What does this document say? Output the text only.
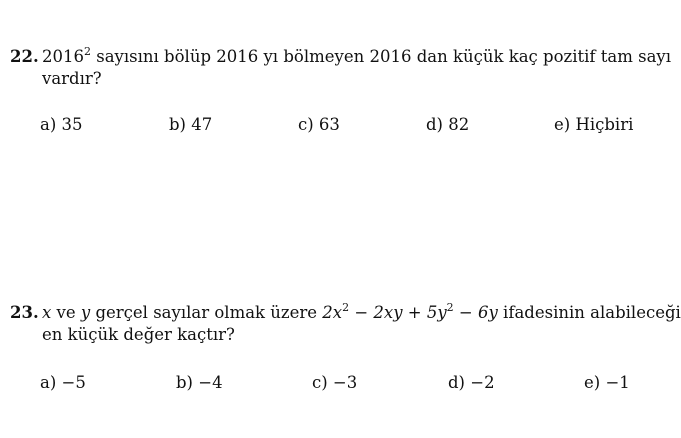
22. 2016$^2$ sayısını bölüp 2016 yı bölmeyen 2016 dan küçük kaç pozitif tam sayı
vardır?
a) 35	b) 47	c) 63	d) 82	e) Hiçbiri
23. x ve y gerçel sayılar olmak üzere $2x^2 - 2xy + 5y^2 - 6y$ ifadesinin alabileceği
en küçük değer kaçtır?
a) −5	b) −4	c) −3	d) −2	e) −1
